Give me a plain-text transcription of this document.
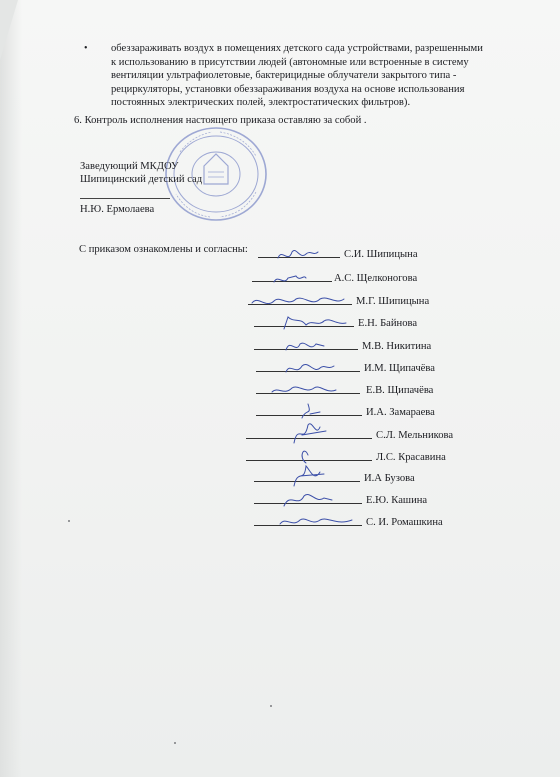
•	обеззараживать воздух в помещениях детского сада устройствами, разрешенными
к использованию в присутствии людей (автономные или встроенные в систему
вентиляции ультрафиолетовые, бактерицидные облучатели закрытого типа -
рециркуляторы, установки обеззараживания воздуха на основе использования
постоянных электрических полей, электростатических фильтров).
6. Контроль исполнения настоящего приказа оставляю за собой .
Заведующий МКДОУ
Шипицинский детский сад
Н.Ю. Ермолаева
С приказом ознакомлены и согласны:	С.И. Шипицына
А.С. Щелконогова
М.Г. Шипицына
Е.Н. Байнова
М.В. Никитина
И.М. Щипачёва
Е.В. Щипачёва
И.А. Замараева
С.Л. Мельникова
Л.С. Красавина
И.А Бузова
Е.Ю. Кашина
С. И. Ромашкина
